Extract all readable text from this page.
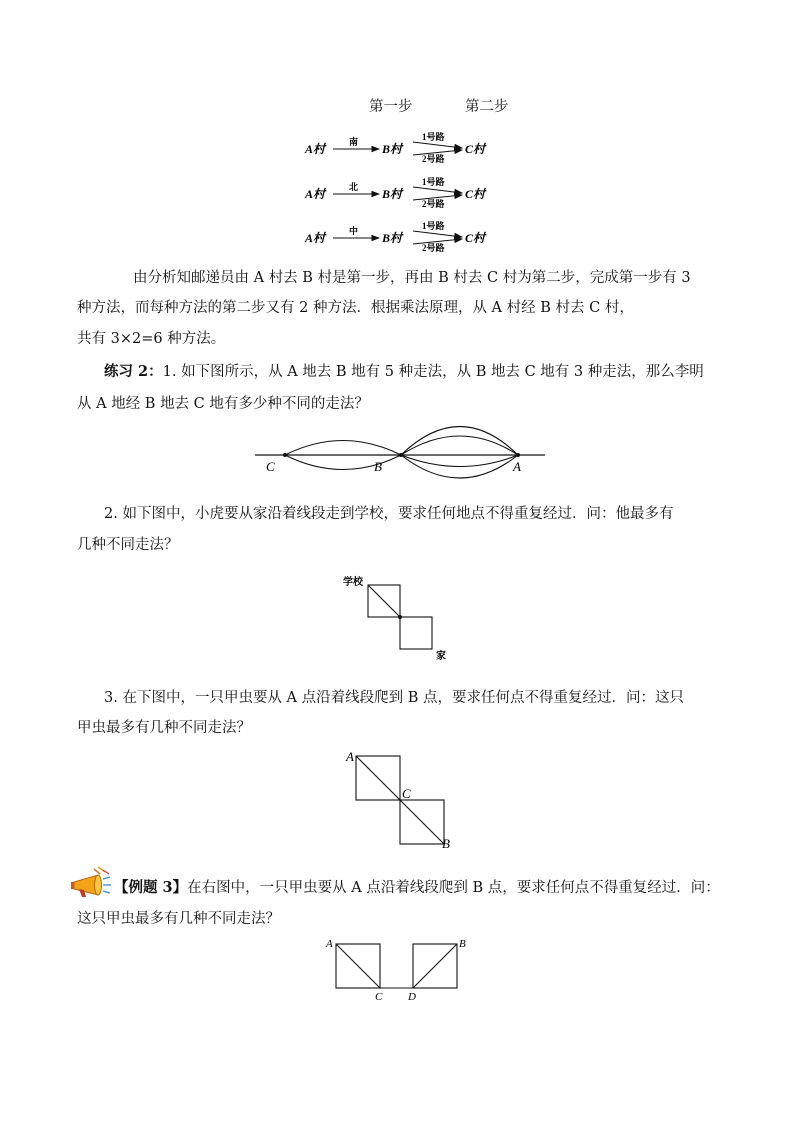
第一步	第二步
A村	南 B村
1号路
2号路
C村
A村	北 B村
1号路
2号路
C村
A村	中 B村
1号路
2号路
C村
由分析知邮递员由 A 村去 B 村是第一步，再由 B 村去 C 村为第二步，完成第一步有 3
种方法，而每种方法的第二步又有 2 种方法．根据乘法原理，从 A 村经 B 村去 C 村，
共有 3×2=6 种方法。
练习 2：1. 如下图所示，从 A 地去 B 地有 5 种走法，从 B 地去 C 地有 3 种走法，那么李明
从 A 地经 B 地去 C 地有多少种不同的走法？
C	B	A
2. 如下图中，小虎要从家沿着线段走到学校，要求任何地点不得重复经过．问：他最多有
几种不同走法？
学校
家
3. 在下图中，一只甲虫要从 A 点沿着线段爬到 B 点，要求任何点不得重复经过．问：这只
甲虫最多有几种不同走法？
A
C
B
【例题 3】在右图中，一只甲虫要从 A 点沿着线段爬到 B 点，要求任何点不得重复经过．问：
这只甲虫最多有几种不同走法？
A	B
C D
